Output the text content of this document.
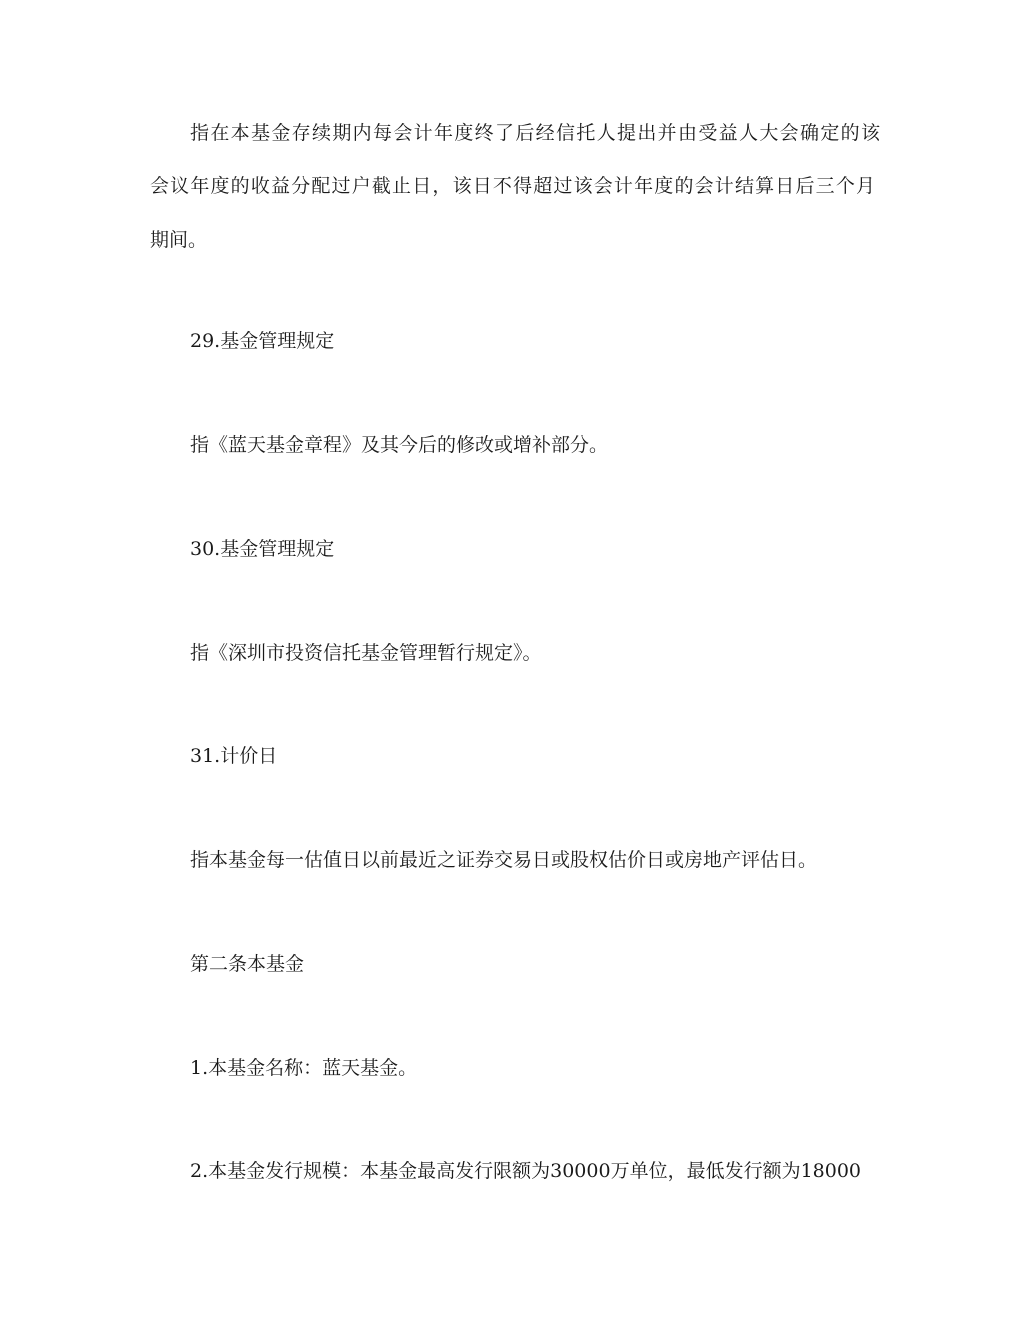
指在本基金存续期内每会计年度终了后经信托人提出并由受益人大会确定的该
会议年度的收益分配过户截止日，该日不得超过该会计年度的会计结算日后三个月
期间。
29.基金管理规定
指《蓝天基金章程》及其今后的修改或增补部分。
30.基金管理规定
指《深圳市投资信托基金管理暂行规定》。
31.计价日
指本基金每一估值日以前最近之证券交易日或股权估价日或房地产评估日。
第二条本基金
1.本基金名称：蓝天基金。
2.本基金发行规模：本基金最高发行限额为30000万单位，最低发行额为18000
